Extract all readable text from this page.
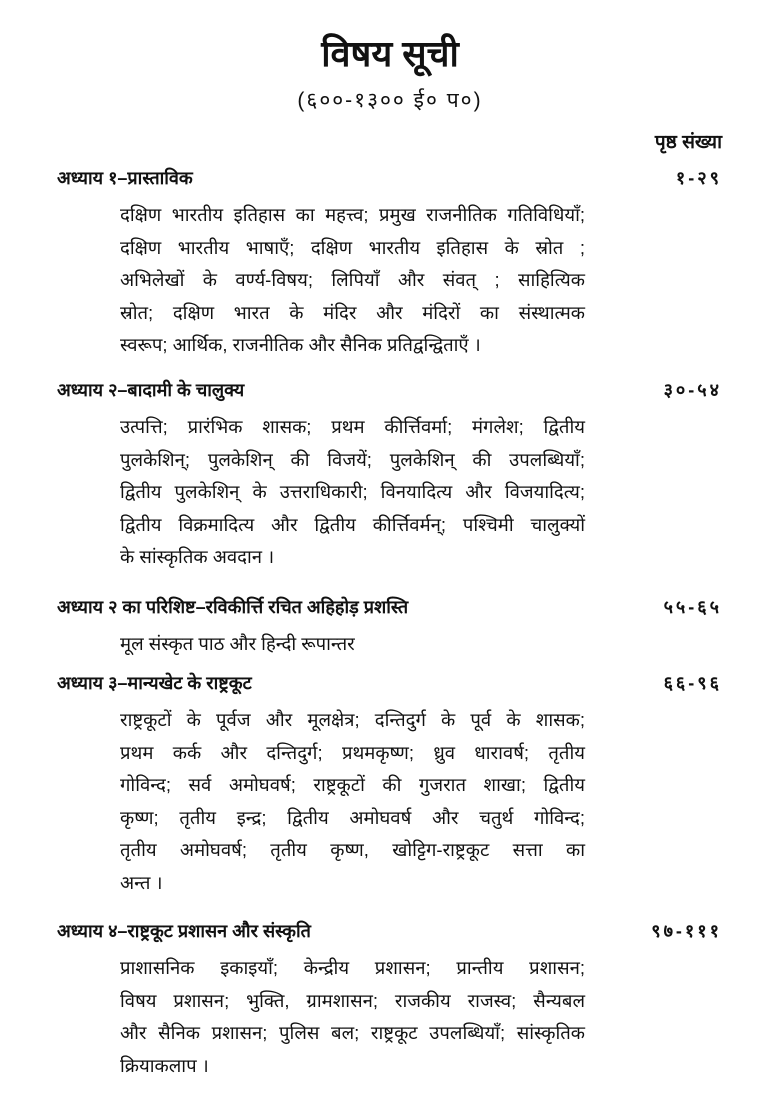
विषय सूची
(६००-१३०० ई० प०)
पृष्ठ संख्या
अध्याय १–प्रास्ताविक	१-२९
दक्षिण भारतीय इतिहास का महत्त्व; प्रमुख राजनीतिक गतिविधियाँ;
दक्षिण भारतीय भाषाएँ; दक्षिण भारतीय इतिहास के स्रोत ;
अभिलेखों के वर्ण्य-विषय; लिपियाँ और संवत् ; साहित्यिक
स्रोत; दक्षिण भारत के मंदिर और मंदिरों का संस्थात्मक
स्वरूप; आर्थिक, राजनीतिक और सैनिक प्रतिद्वन्द्विताएँ ।
अध्याय २–बादामी के चालुक्य	३०-५४
उत्पत्ति; प्रारंभिक शासक; प्रथम कीर्त्तिवर्मा; मंगलेश; द्वितीय
पुलकेशिन्; पुलकेशिन् की विजयें; पुलकेशिन् की उपलब्धियाँ;
द्वितीय पुलकेशिन् के उत्तराधिकारी; विनयादित्य और विजयादित्य;
द्वितीय विक्रमादित्य और द्वितीय कीर्त्तिवर्मन्; पश्चिमी चालुक्यों
के सांस्कृतिक अवदान ।
अध्याय २ का परिशिष्ट–रविकीर्त्ति रचित अहिहोड़ प्रशस्ति	५५-६५
मूल संस्कृत पाठ और हिन्दी रूपान्तर
अध्याय ३–मान्यखेट के राष्ट्रकूट	६६-९६
राष्ट्रकूटों के पूर्वज और मूलक्षेत्र; दन्तिदुर्ग के पूर्व के शासक;
प्रथम कर्क और दन्तिदुर्ग; प्रथमकृष्ण; ध्रुव धारावर्ष; तृतीय
गोविन्द; सर्व अमोघवर्ष; राष्ट्रकूटों की गुजरात शाखा; द्वितीय
कृष्ण; तृतीय इन्द्र; द्वितीय अमोघवर्ष और चतुर्थ गोविन्द;
तृतीय अमोघवर्ष; तृतीय कृष्ण, खोट्टिग-राष्ट्रकूट सत्ता का
अन्त ।
अध्याय ४–राष्ट्रकूट प्रशासन और संस्कृति	९७-१११
प्राशासनिक इकाइयाँ; केन्द्रीय प्रशासन; प्रान्तीय प्रशासन;
विषय प्रशासन; भुक्ति, ग्रामशासन; राजकीय राजस्व; सैन्यबल
और सैनिक प्रशासन; पुलिस बल; राष्ट्रकूट उपलब्धियाँ; सांस्कृतिक
क्रियाकलाप ।
